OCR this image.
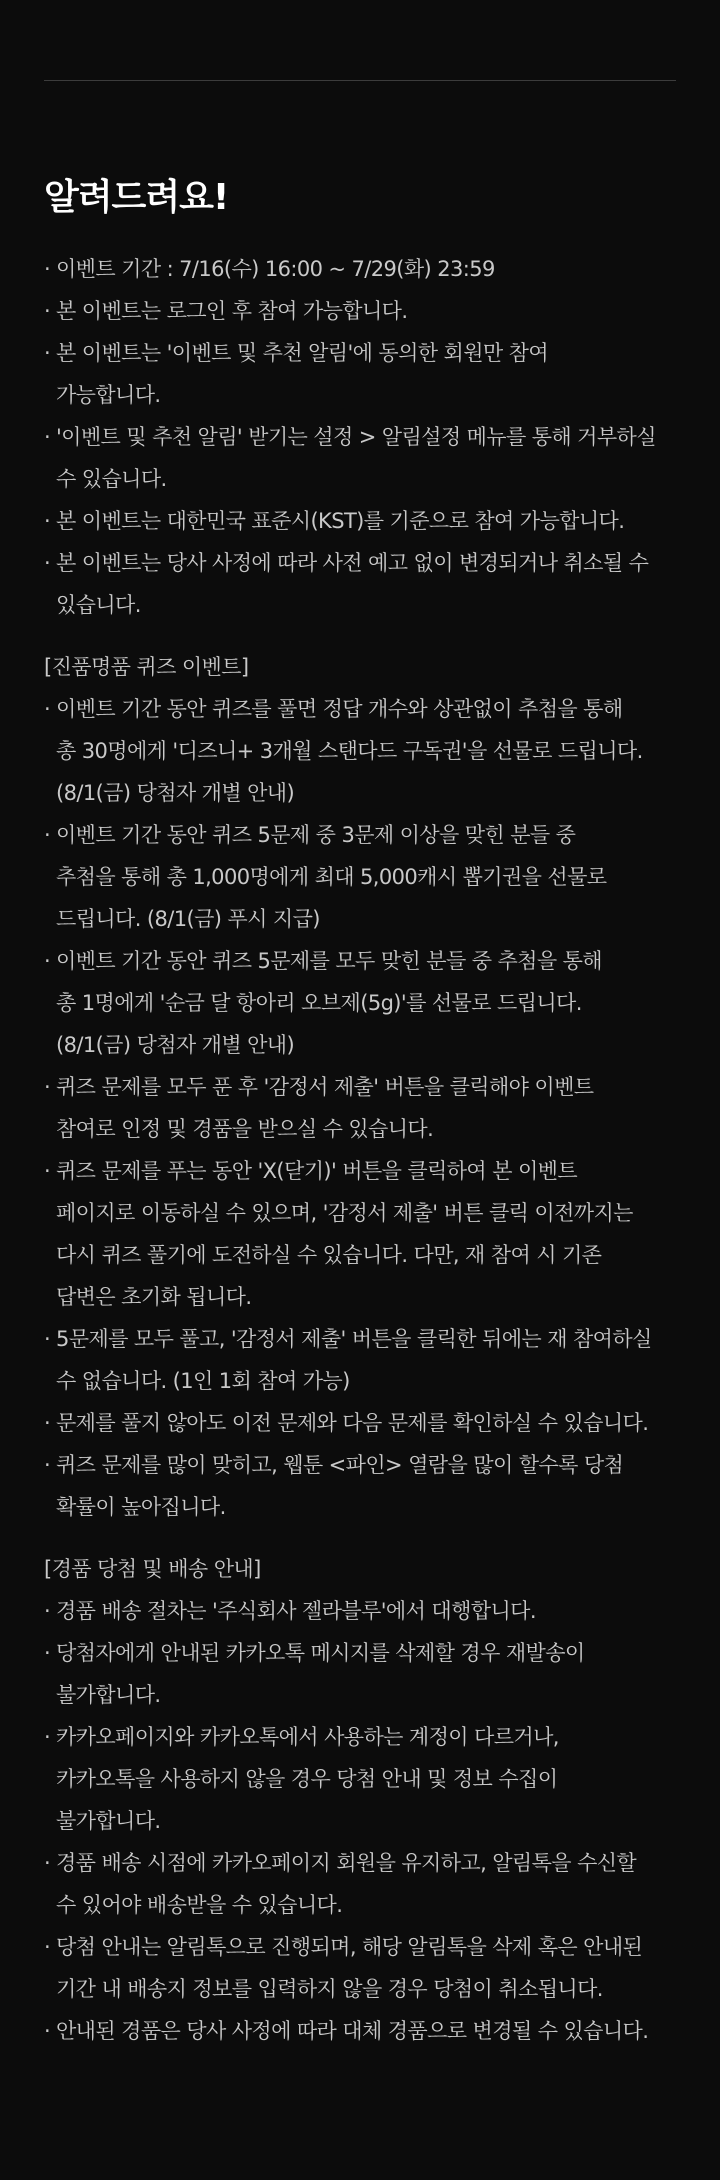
알려드려요!
· 이벤트 기간 : 7/16(수) 16:00 ~ 7/29(화) 23:59
· 본 이벤트는 로그인 후 참여 가능합니다.
· 본 이벤트는 '이벤트 및 추천 알림'에 동의한 회원만 참여
가능합니다.
· '이벤트 및 추천 알림' 받기는 설정 > 알림설정 메뉴를 통해 거부하실
수 있습니다.
· 본 이벤트는 대한민국 표준시(KST)를 기준으로 참여 가능합니다.
· 본 이벤트는 당사 사정에 따라 사전 예고 없이 변경되거나 취소될 수
있습니다.

[진품명품 퀴즈 이벤트]

· 이벤트 기간 동안 퀴즈를 풀면 정답 개수와 상관없이 추첨을 통해
총 30명에게 '디즈니+ 3개월 스탠다드 구독권'을 선물로 드립니다.
(8/1(금) 당첨자 개별 안내)
· 이벤트 기간 동안 퀴즈 5문제 중 3문제 이상을 맞힌 분들 중
추첨을 통해 총 1,000명에게 최대 5,000캐시 뽑기권을 선물로
드립니다. (8/1(금) 푸시 지급)
· 이벤트 기간 동안 퀴즈 5문제를 모두 맞힌 분들 중 추첨을 통해
총 1명에게 '순금 달 항아리 오브제(5g)'를 선물로 드립니다.
(8/1(금) 당첨자 개별 안내)
· 퀴즈 문제를 모두 푼 후 '감정서 제출' 버튼을 클릭해야 이벤트
참여로 인정 및 경품을 받으실 수 있습니다.
· 퀴즈 문제를 푸는 동안 'X(닫기)' 버튼을 클릭하여 본 이벤트
페이지로 이동하실 수 있으며, '감정서 제출' 버튼 클릭 이전까지는
다시 퀴즈 풀기에 도전하실 수 있습니다. 다만, 재 참여 시 기존
답변은 초기화 됩니다.
· 5문제를 모두 풀고, '감정서 제출' 버튼을 클릭한 뒤에는 재 참여하실
수 없습니다. (1인 1회 참여 가능)
· 문제를 풀지 않아도 이전 문제와 다음 문제를 확인하실 수 있습니다.
· 퀴즈 문제를 많이 맞히고, 웹툰 <파인> 열람을 많이 할수록 당첨
확률이 높아집니다.

[경품 당첨 및 배송 안내]

· 경품 배송 절차는 '주식회사 젤라블루'에서 대행합니다.
· 당첨자에게 안내된 카카오톡 메시지를 삭제할 경우 재발송이
불가합니다.
· 카카오페이지와 카카오톡에서 사용하는 계정이 다르거나,
카카오톡을 사용하지 않을 경우 당첨 안내 및 정보 수집이
불가합니다.
· 경품 배송 시점에 카카오페이지 회원을 유지하고, 알림톡을 수신할
수 있어야 배송받을 수 있습니다.
· 당첨 안내는 알림톡으로 진행되며, 해당 알림톡을 삭제 혹은 안내된
기간 내 배송지 정보를 입력하지 않을 경우 당첨이 취소됩니다.
· 안내된 경품은 당사 사정에 따라 대체 경품으로 변경될 수 있습니다.
